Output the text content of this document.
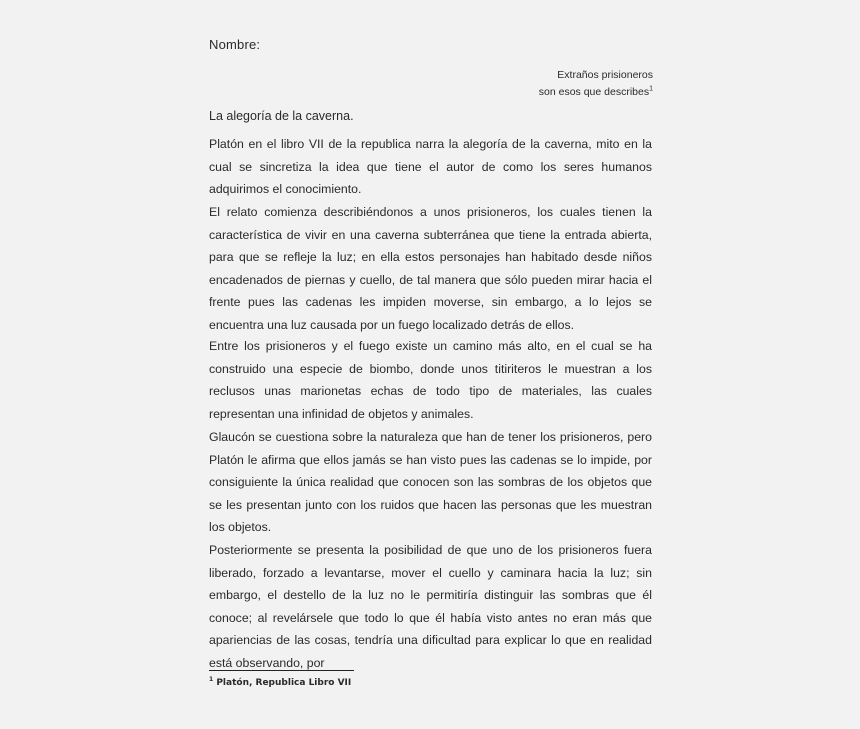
Nombre:
Extraños prisioneros
son esos que describes$^1$
La alegoría de la caverna.

Platón en el libro VII de la republica narra la alegoría de la caverna, mito en la cual se sincretiza la idea que tiene el autor de como los seres humanos adquirimos el conocimiento.

El relato comienza describiéndonos a unos prisioneros, los cuales tienen la característica de vivir en una caverna subterránea que tiene la entrada abierta, para que se refleje la luz; en ella estos personajes han habitado desde niños encadenados de piernas y cuello, de tal manera que sólo pueden mirar hacia el frente pues las cadenas les impiden moverse, sin embargo, a lo lejos se encuentra una luz causada por un fuego localizado detrás de ellos.

Entre los prisioneros y el fuego existe un camino más alto, en el cual se ha construido una especie de biombo, donde unos titiriteros le muestran a los reclusos unas marionetas echas de todo tipo de materiales, las cuales representan una infinidad de objetos y animales.

Glaucón se cuestiona sobre la naturaleza que han de tener los prisioneros, pero Platón le afirma que ellos jamás se han visto pues las cadenas se lo impide, por consiguiente la única realidad que conocen son las sombras de los objetos que se les presentan junto con los ruidos que hacen las personas que les muestran los objetos.

Posteriormente se presenta la posibilidad de que uno de los prisioneros fuera liberado, forzado a levantarse, mover el cuello y caminara hacia la luz; sin embargo, el destello de la luz no le permitiría distinguir las sombras que él conoce; al revelársele que todo lo que él había visto antes no eran más que apariencias de las cosas, tendría una dificultad para explicar lo que en realidad está observando, por

$^1$ Platón, Republica Libro VII
